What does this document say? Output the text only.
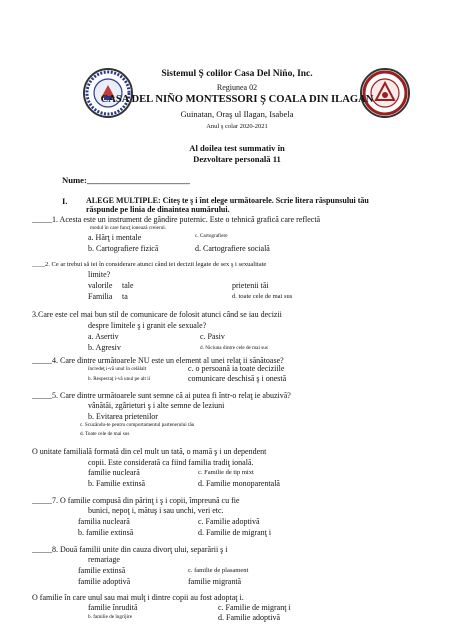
Sistemul Ş colilor Casa Del Niño, Inc.
Regiunea 02
CASA DEL NIÑO MONTESSORI Ş COALA DIN ILAGAN
Guinatan, Oraş ul Ilagan, Isabela
Anul ş colar 2020-2021
Al doilea test summativ în
Dezvoltare personală 11
Nume:________________________
I. ALEGE MULTIPLE: Citeş te ş i înt elege următoarele. Scrie litera răspunsului tău
răspunde pe linia de dinaintea numărului.
_____1. Acesta este un instrument de gândire puternic. Este o tehnică grafică care reflectă
modul în care funcţ ionează creierul.
a. Hărţ i mentale	c. Cartografiere
b. Cartografiere fizică	d. Cartografiere socială
____2. Ce ar trebui să iei în considerare atunci când iei decizii legate de sex ş i sexualitate
limite?
valorile tale	prietenii tăi
Familia ta	d. toate cele de mai sus
3.Care este cel mai bun stil de comunicare de folosit atunci când se iau decizii
despre limitele ş i granit ele sexuale?
a. Asertiv	c. Pasiv
b. Agresiv	d. Niciuna dintre cele de mai sus
_____4. Care dintre următoarele NU este un element al unei relaţ ii sănătoase?
încredeţ i-vă unul în celălalt	c. o persoană ia toate deciziile
b. Respectaţ i-vă unul pe alt ii	comunicare deschisă ş i onestă
_____5. Care dintre următoarele sunt semne că ai putea fi într-o relaţ ie abuzivă?
vânătăi, zgârieturi ş i alte semne de leziuni
b. Evitarea prietenilor
c. Scuzându-te pentru comportamentul partenerului tău
d. Toate cele de mai sus
O unitate familială formată din cel mult un tată, o mamă ş i un dependent
copii. Este considerată ca fiind familia tradiţ ională.
familie nucleară	c. Familie de tip mixt
b. Familie extinsă	d. Familie monoparentală
_____7. O familie compusă din părinţ i ş i copii, împreună cu fie
bunici, nepoţ i, mătuş i sau unchi, veri etc.
familia nucleară	c. Familie adoptivă
b. familie extinsă	d. Familie de migranţ i
_____8. Două familii unite din cauza divorţ ului, separării ş i
remariage
familie extinsă	c. familie de plasament
familie adoptivă	familie migrantă
O familie în care unul sau mai mulţ i dintre copii au fost adoptaţ i.
familie înrudită	c. Familie de migranţ i
b. familie de îngrijire	d. Familie adoptivă
